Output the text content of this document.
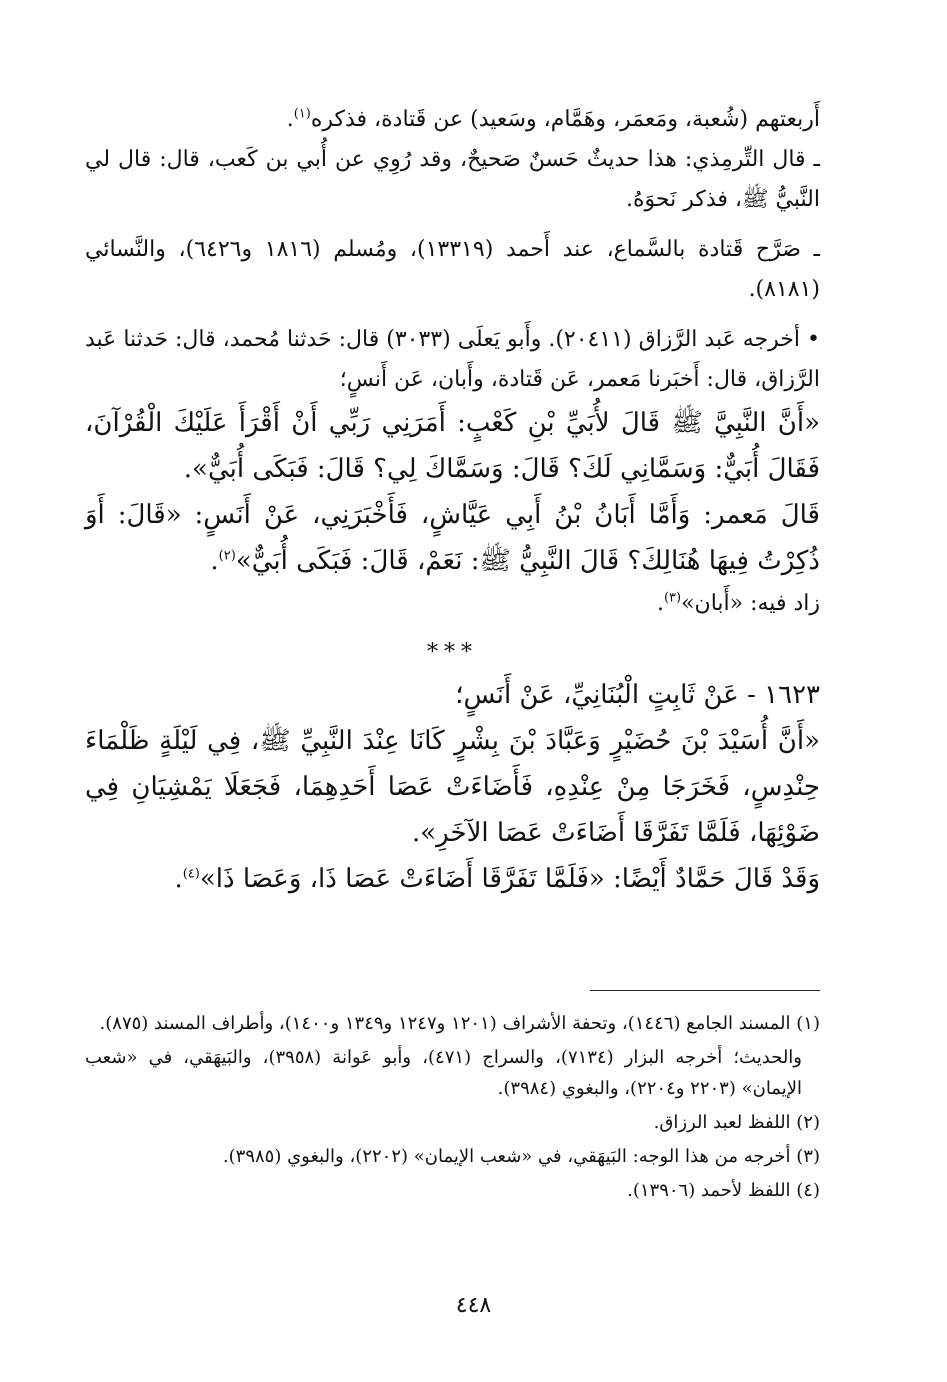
أَربعتهم (شُعبة، ومَعمَر، وهَمَّام، وسَعيد) عن قَتادة، فذكره$^{(١)}$.

ـ قال التِّرمِذي: هذا حديثٌ حَسنٌ صَحيحٌ، وقد رُوِي عن أُبي بن كَعب، قال: قال لي النَّبيُّ ﷺ، فذكر نَحوَهُ.

ـ صَرَّح قَتادة بالسَّماع، عند أَحمد (١٣٣١٩)، ومُسلم (١٨١٦ و٦٤٢٦)، والنَّسائي (٨١٨١).

• أخرجه عَبد الرَّزاق (٢٠٤١١). وأَبو يَعلَى (٣٠٣٣) قال: حَدثنا مُحمد، قال: حَدثنا عَبد الرَّزاق، قال: أَخبَرنا مَعمر، عَن قَتادة، وأَبان، عَن أَنسٍ؛

«أَنَّ النَّبِيَّ ﷺ قَالَ لأُبَيِّ بْنِ كَعْبٍ: أَمَرَنِي رَبِّي أَنْ أَقْرَأَ عَلَيْكَ الْقُرْآنَ، فَقَالَ أُبَيٌّ: وَسَمَّانِي لَكَ؟ قَالَ: وَسَمَّاكَ لِي؟ قَالَ: فَبَكَى أُبَيٌّ».

قَالَ مَعمر: وَأَمَّا أَبَانُ بْنُ أَبِي عَيَّاشٍ، فَأَخْبَرَنِي، عَنْ أَنَسٍ: «قَالَ: أَوَ ذُكِرْتُ فِيهَا هُنَالِكَ؟ قَالَ النَّبِيُّ ﷺ: نَعَمْ، قَالَ: فَبَكَى أُبَيٌّ»$^{(٢)}$.

زاد فيه: «أَبان»$^{(٣)}$.

***

١٦٢٣ - عَنْ ثَابِتٍ الْبُنَانِيِّ، عَنْ أَنَسٍ؛

«أَنَّ أُسَيْدَ بْنَ حُضَيْرٍ وَعَبَّادَ بْنَ بِشْرٍ كَانَا عِنْدَ النَّبِيِّ ﷺ، فِي لَيْلَةٍ ظَلْمَاءَ حِنْدِسٍ، فَخَرَجَا مِنْ عِنْدِهِ، فَأَضَاءَتْ عَصَا أَحَدِهِمَا، فَجَعَلَا يَمْشِيَانِ فِي ضَوْئِهَا، فَلَمَّا تَفَرَّقَا أَضَاءَتْ عَصَا الآخَرِ».

وَقَدْ قَالَ حَمَّادٌ أَيْضًا: «فَلَمَّا تَفَرَّقَا أَضَاءَتْ عَصَا ذَا، وَعَصَا ذَا»$^{(٤)}$.

(١) المسند الجامع (١٤٤٦)، وتحفة الأشراف (١٢٠١ و١٢٤٧ و١٣٤٩ و١٤٠٠)، وأطراف المسند (٨٧٥).

والحديث؛ أخرجه البزار (٧١٣٤)، والسراج (٤٧١)، وأبو عَوانة (٣٩٥٨)، والبَيهَقي، في «شعب الإيمان» (٢٢٠٣ و٢٢٠٤)، والبغوي (٣٩٨٤).

(٢) اللفظ لعبد الرزاق.

(٣) أخرجه من هذا الوجه: البَيهَقي، في «شعب الإيمان» (٢٢٠٢)، والبغوي (٣٩٨٥).

(٤) اللفظ لأحمد (١٣٩٠٦).

٤٤٨
